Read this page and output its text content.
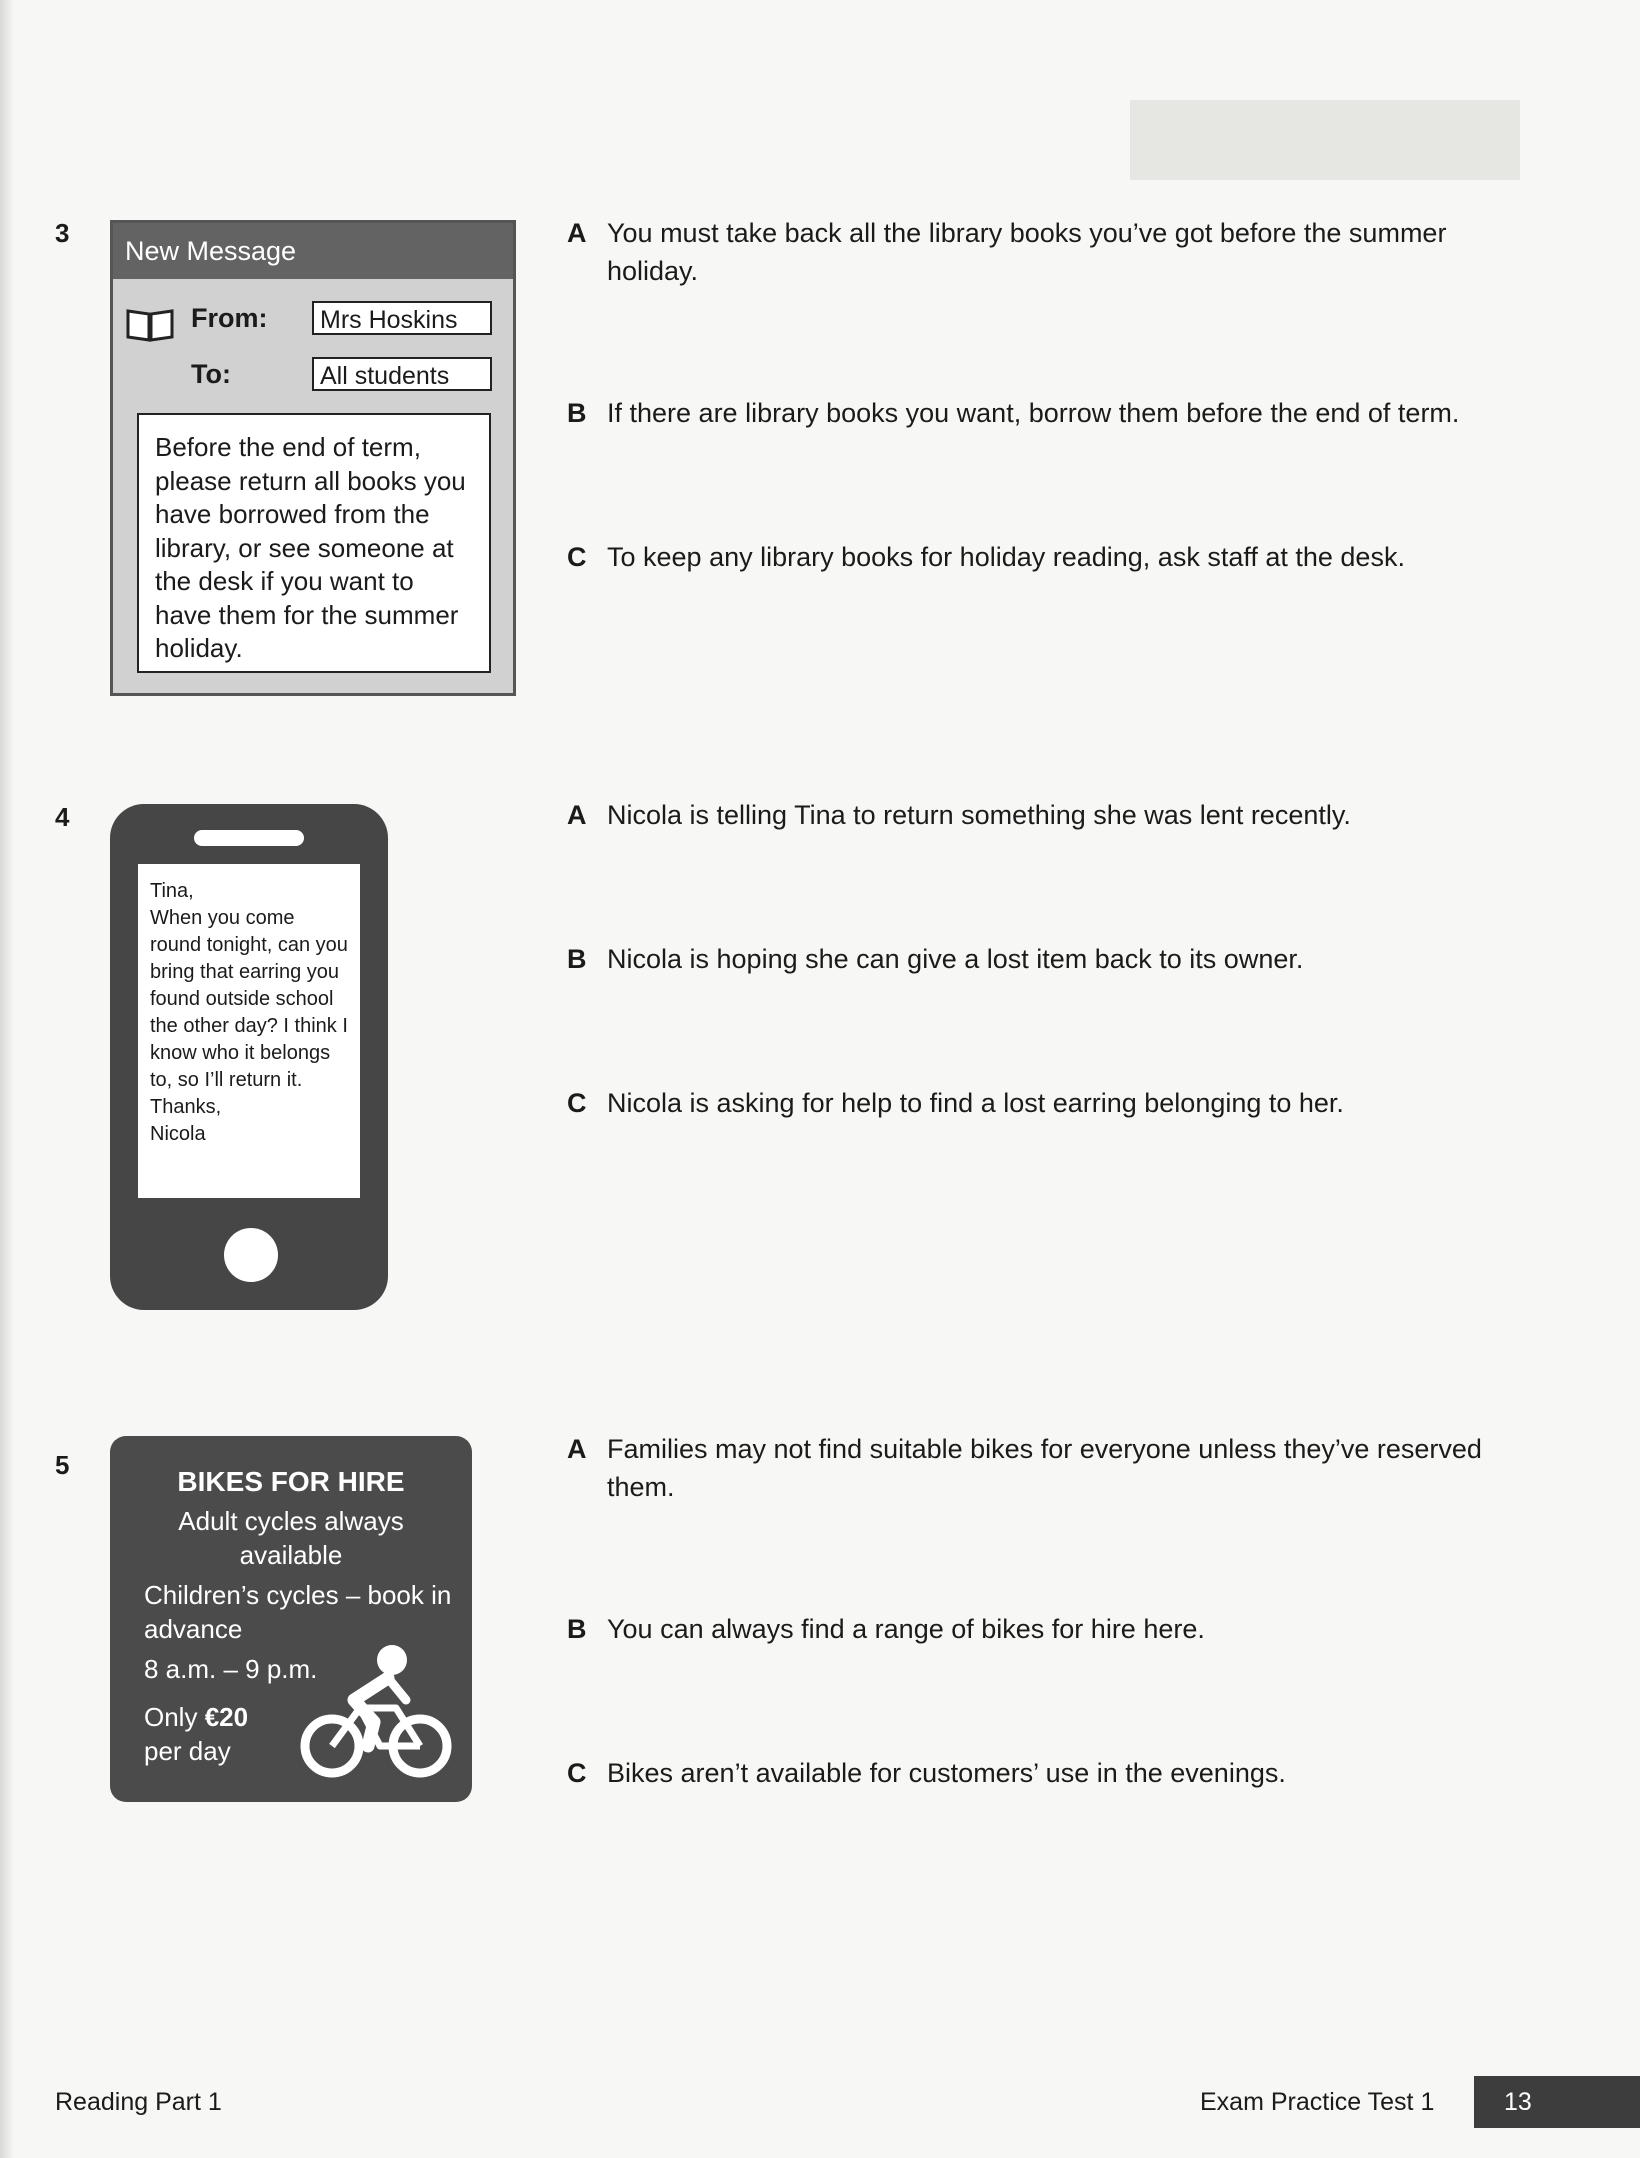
3
New Message
From:	Mrs Hoskins
To:	All students
Before the end of term, please return all books you have borrowed from the library, or see someone at the desk if you want to have them for the summer holiday.
A You must take back all the library books you’ve got before the summer holiday.
B If there are library books you want, borrow them before the end of term.
C To keep any library books for holiday reading, ask staff at the desk.
4
Tina,
When you come round tonight, can you bring that earring you found outside school the other day? I think I know who it belongs to, so I’ll return it.
Thanks,
Nicola
A Nicola is telling Tina to return something she was lent recently.
B Nicola is hoping she can give a lost item back to its owner.
C Nicola is asking for help to find a lost earring belonging to her.
5
BIKES FOR HIRE
Adult cycles always available
Children’s cycles – book in advance
8 a.m. – 9 p.m.
Only €20
per day
A Families may not find suitable bikes for everyone unless they’ve reserved them.
B You can always find a range of bikes for hire here.
C Bikes aren’t available for customers’ use in the evenings.
Reading Part 1	Exam Practice Test 1	13
